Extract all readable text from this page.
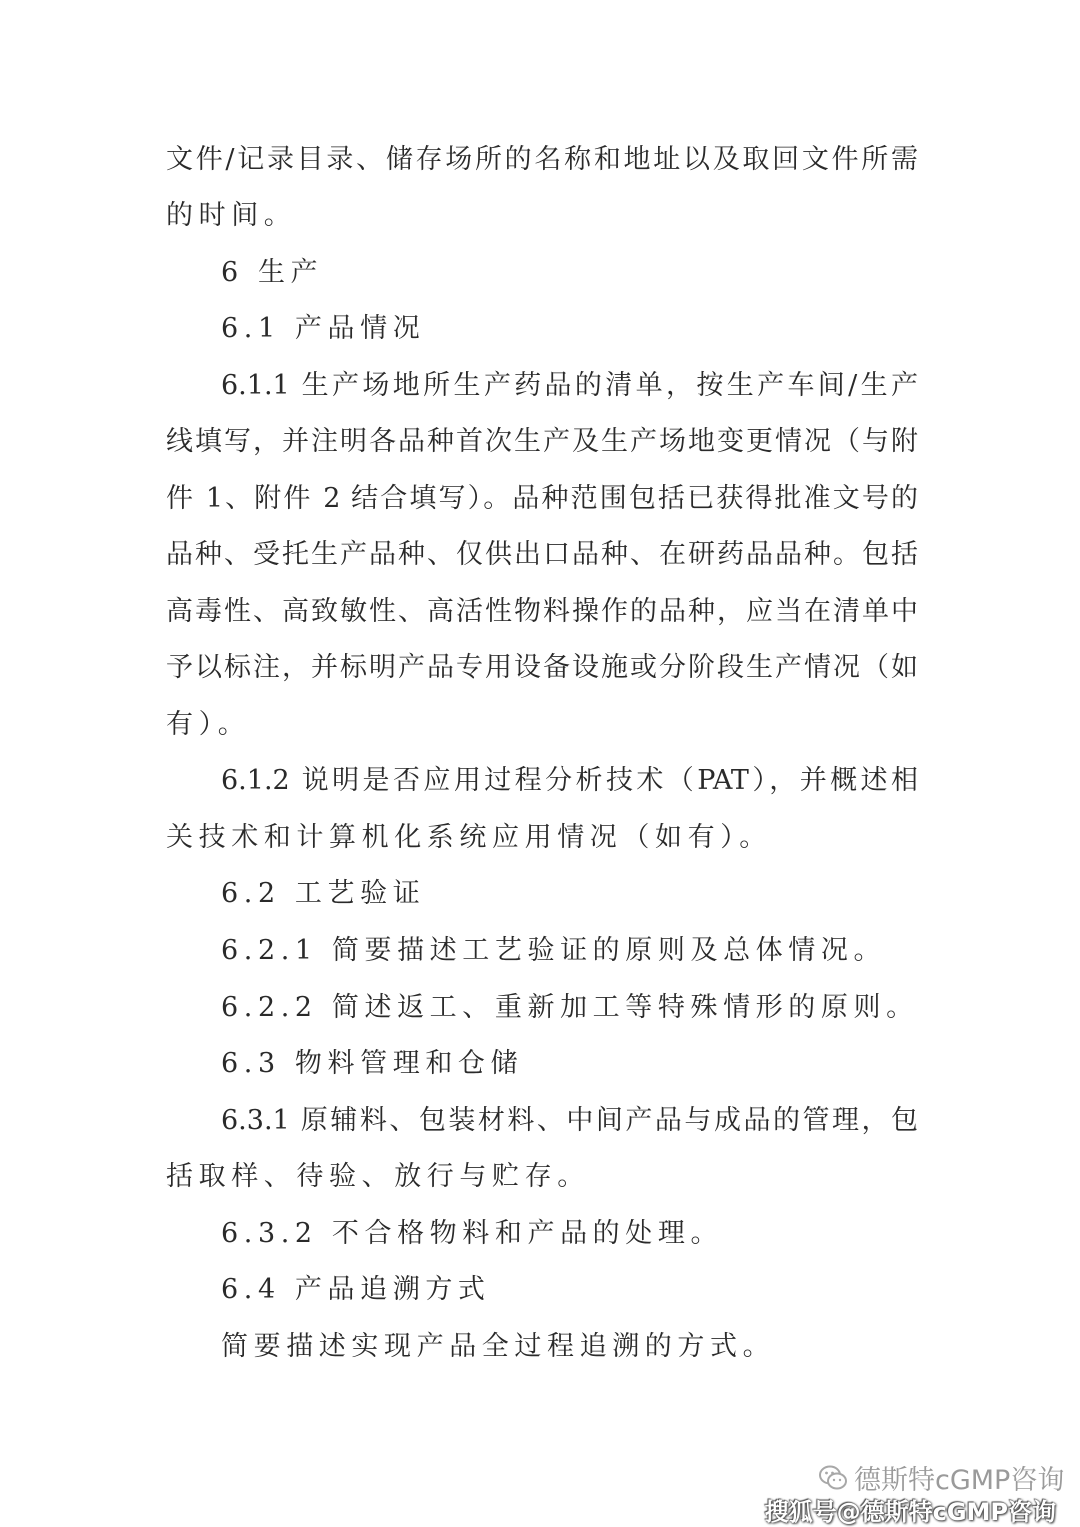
文件/记录目录、储存场所的名称和地址以及取回文件所需
的时间。
6 生产
6.1 产品情况
6.1.1 生产场地所生产药品的清单，按生产车间/生产
线填写，并注明各品种首次生产及生产场地变更情况（与附
件 1、附件 2 结合填写）。品种范围包括已获得批准文号的
品种、受托生产品种、仅供出口品种、在研药品品种。包括
高毒性、高致敏性、高活性物料操作的品种，应当在清单中
予以标注，并标明产品专用设备设施或分阶段生产情况（如
有）。
6.1.2 说明是否应用过程分析技术（PAT），并概述相
关技术和计算机化系统应用情况（如有）。
6.2 工艺验证
6.2.1 简要描述工艺验证的原则及总体情况。
6.2.2 简述返工、重新加工等特殊情形的原则。
6.3 物料管理和仓储
6.3.1 原辅料、包装材料、中间产品与成品的管理，包
括取样、待验、放行与贮存。
6.3.2 不合格物料和产品的处理。
6.4 产品追溯方式
简要描述实现产品全过程追溯的方式。
德斯特cGMP咨询
搜狐号@德斯特cGMP咨询
